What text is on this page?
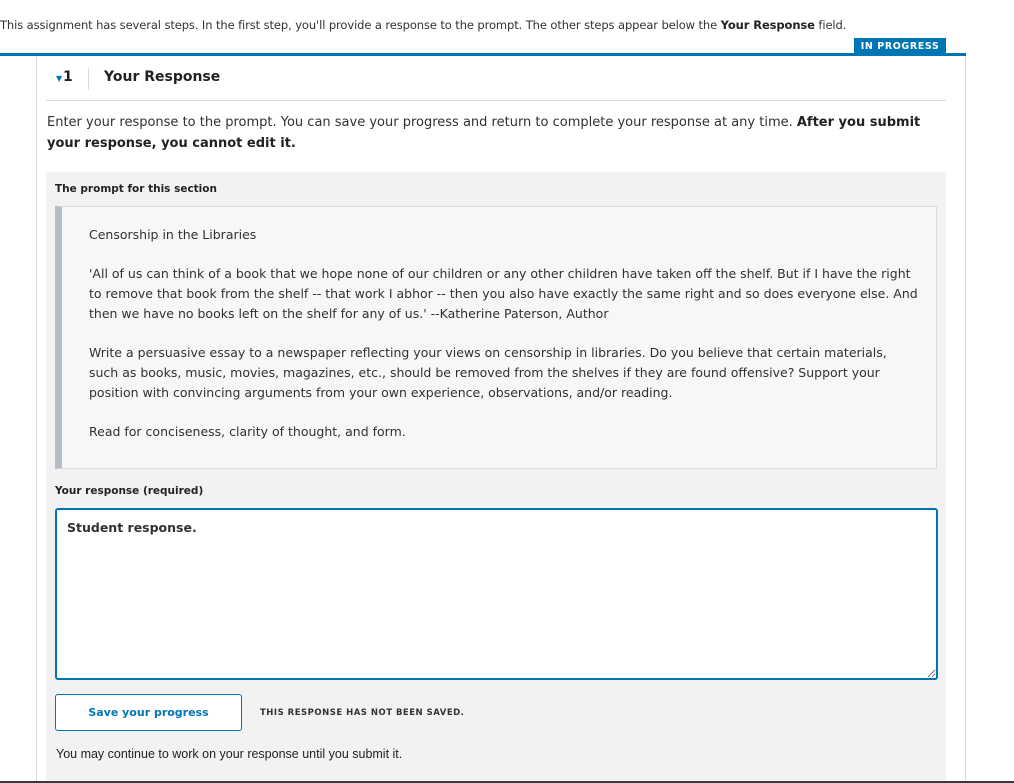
This assignment has several steps. In the first step, you'll provide a response to the prompt. The other steps appear below the Your Response field.
IN PROGRESS
▼ 1 Your Response
Enter your response to the prompt. You can save your progress and return to complete your response at any time. After you submit your response, you cannot edit it.
The prompt for this section

Censorship in the Libraries

'All of us can think of a book that we hope none of our children or any other children have taken off the shelf. But if I have the right to remove that book from the shelf -- that work I abhor -- then you also have exactly the same right and so does everyone else. And then we have no books left on the shelf for any of us.' --Katherine Paterson, Author

Write a persuasive essay to a newspaper reflecting your views on censorship in libraries. Do you believe that certain materials, such as books, music, movies, magazines, etc., should be removed from the shelves if they are found offensive? Support your position with convincing arguments from your own experience, observations, and/or reading.

Read for conciseness, clarity of thought, and form.

Your response (required)
Student response.
Save your progress	THIS RESPONSE HAS NOT BEEN SAVED.
You may continue to work on your response until you submit it.
